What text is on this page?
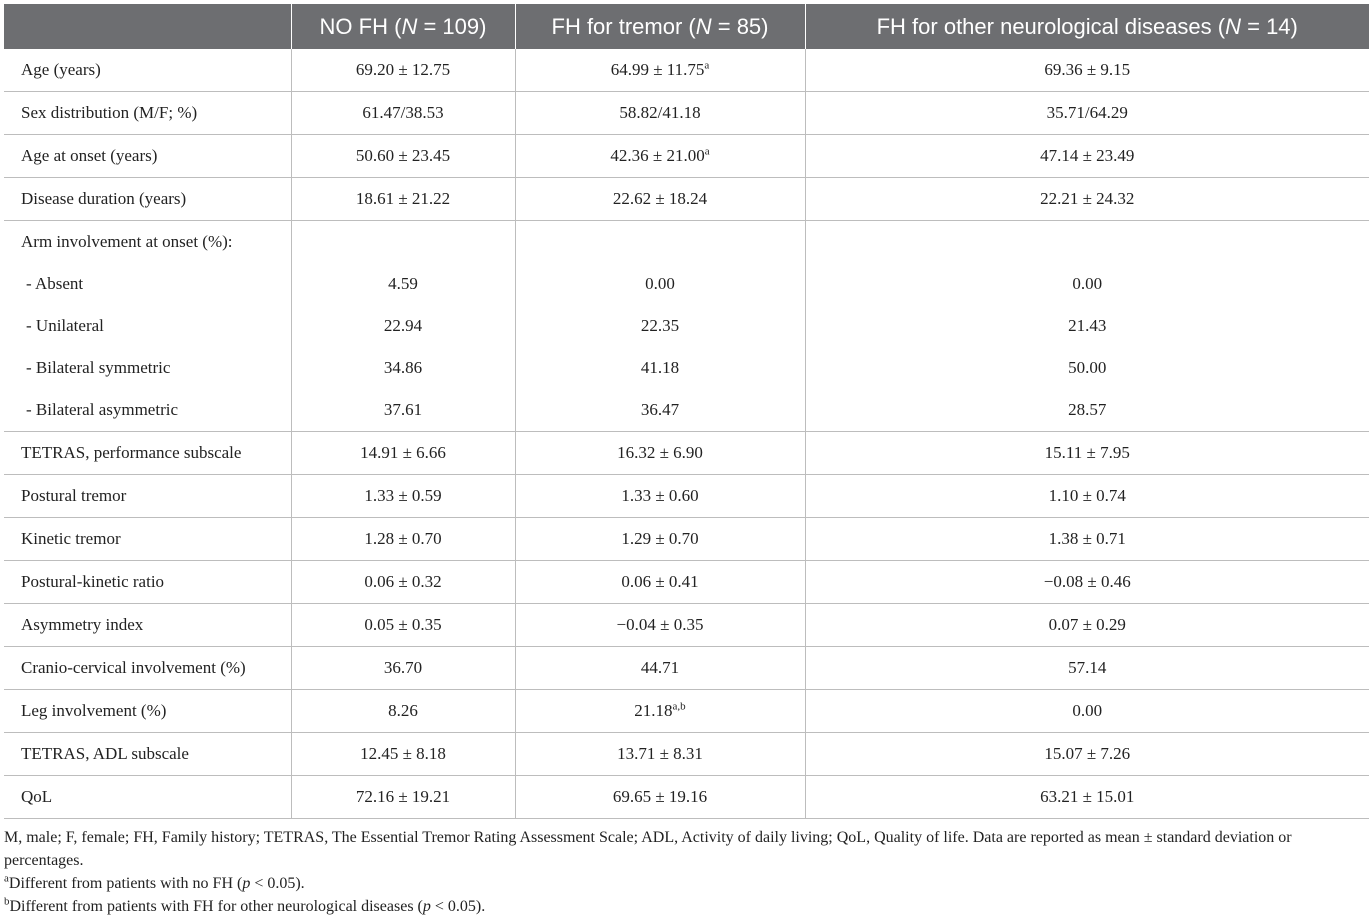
	NO FH (N = 109)	FH for tremor (N = 85)	FH for other neurological diseases (N = 14)
Age (years)	69.20 ± 12.75	64.99 ± 11.75$^a$	69.36 ± 9.15
Sex distribution (M/F; %)	61.47/38.53	58.82/41.18	35.71/64.29
Age at onset (years)	50.60 ± 23.45	42.36 ± 21.00$^a$	47.14 ± 23.49
Disease duration (years)	18.61 ± 21.22	22.62 ± 18.24	22.21 ± 24.32
Arm involvement at onset (%):			
- Absent	4.59	0.00	0.00
- Unilateral	22.94	22.35	21.43
- Bilateral symmetric	34.86	41.18	50.00
- Bilateral asymmetric	37.61	36.47	28.57
TETRAS, performance subscale	14.91 ± 6.66	16.32 ± 6.90	15.11 ± 7.95
Postural tremor	1.33 ± 0.59	1.33 ± 0.60	1.10 ± 0.74
Kinetic tremor	1.28 ± 0.70	1.29 ± 0.70	1.38 ± 0.71
Postural-kinetic ratio	0.06 ± 0.32	0.06 ± 0.41	−0.08 ± 0.46
Asymmetry index	0.05 ± 0.35	−0.04 ± 0.35	0.07 ± 0.29
Cranio-cervical involvement (%)	36.70	44.71	57.14
Leg involvement (%)	8.26	21.18$^{a,b}$	0.00
TETRAS, ADL subscale	12.45 ± 8.18	13.71 ± 8.31	15.07 ± 7.26
QoL	72.16 ± 19.21	69.65 ± 19.16	63.21 ± 15.01

M, male; F, female; FH, Family history; TETRAS, The Essential Tremor Rating Assessment Scale; ADL, Activity of daily living; QoL, Quality of life. Data are reported as mean ± standard deviation or percentages.

$^a$Different from patients with no FH (p < 0.05).

$^b$Different from patients with FH for other neurological diseases (p < 0.05).
